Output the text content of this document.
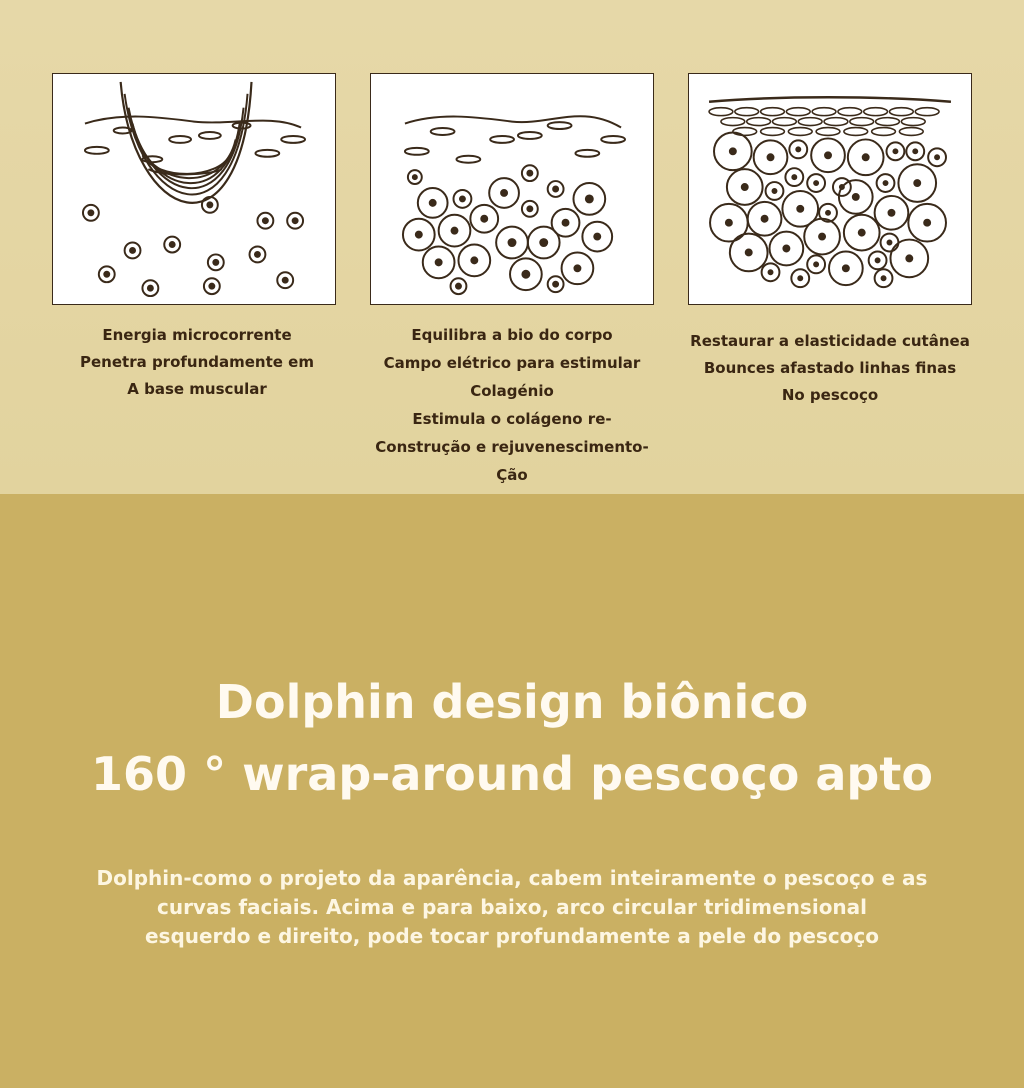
Energia microcorrente
Penetra profundamente em
A base muscular
Equilibra a bio do corpo
Campo elétrico para estimular
Colagénio
Estimula o colágeno re-
Construção e rejuvenescimento-
Ção
Restaurar a elasticidade cutânea
Bounces afastado linhas finas
No pescoço
Dolphin design biônico
160 ° wrap-around pescoço apto
Dolphin-como o projeto da aparência, cabem inteiramente o pescoço e as
curvas faciais. Acima e para baixo, arco circular tridimensional
esquerdo e direito, pode tocar profundamente a pele do pescoço
